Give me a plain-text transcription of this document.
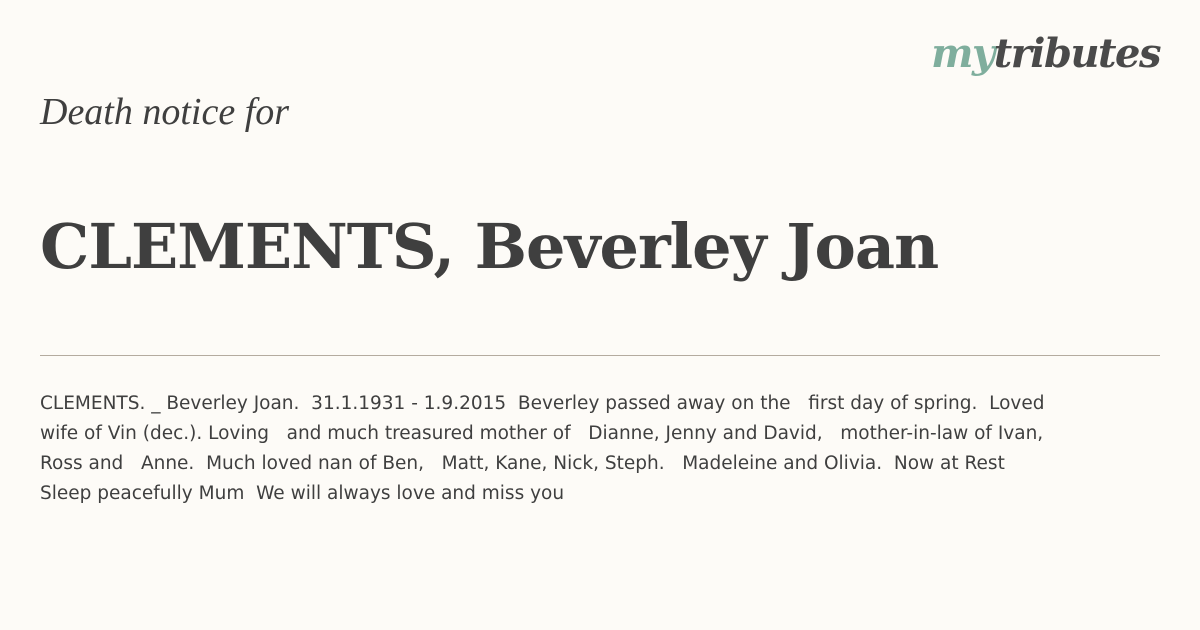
mytributes
Death notice for
CLEMENTS, Beverley Joan
CLEMENTS. _ Beverley Joan.  31.1.1931 - 1.9.2015  Beverley passed away on the   first day of spring.  Loved
wife of Vin (dec.). Loving   and much treasured mother of   Dianne, Jenny and David,   mother-in-law of Ivan,
Ross and   Anne.  Much loved nan of Ben,   Matt, Kane, Nick, Steph.   Madeleine and Olivia.  Now at Rest
Sleep peacefully Mum  We will always love and miss you
